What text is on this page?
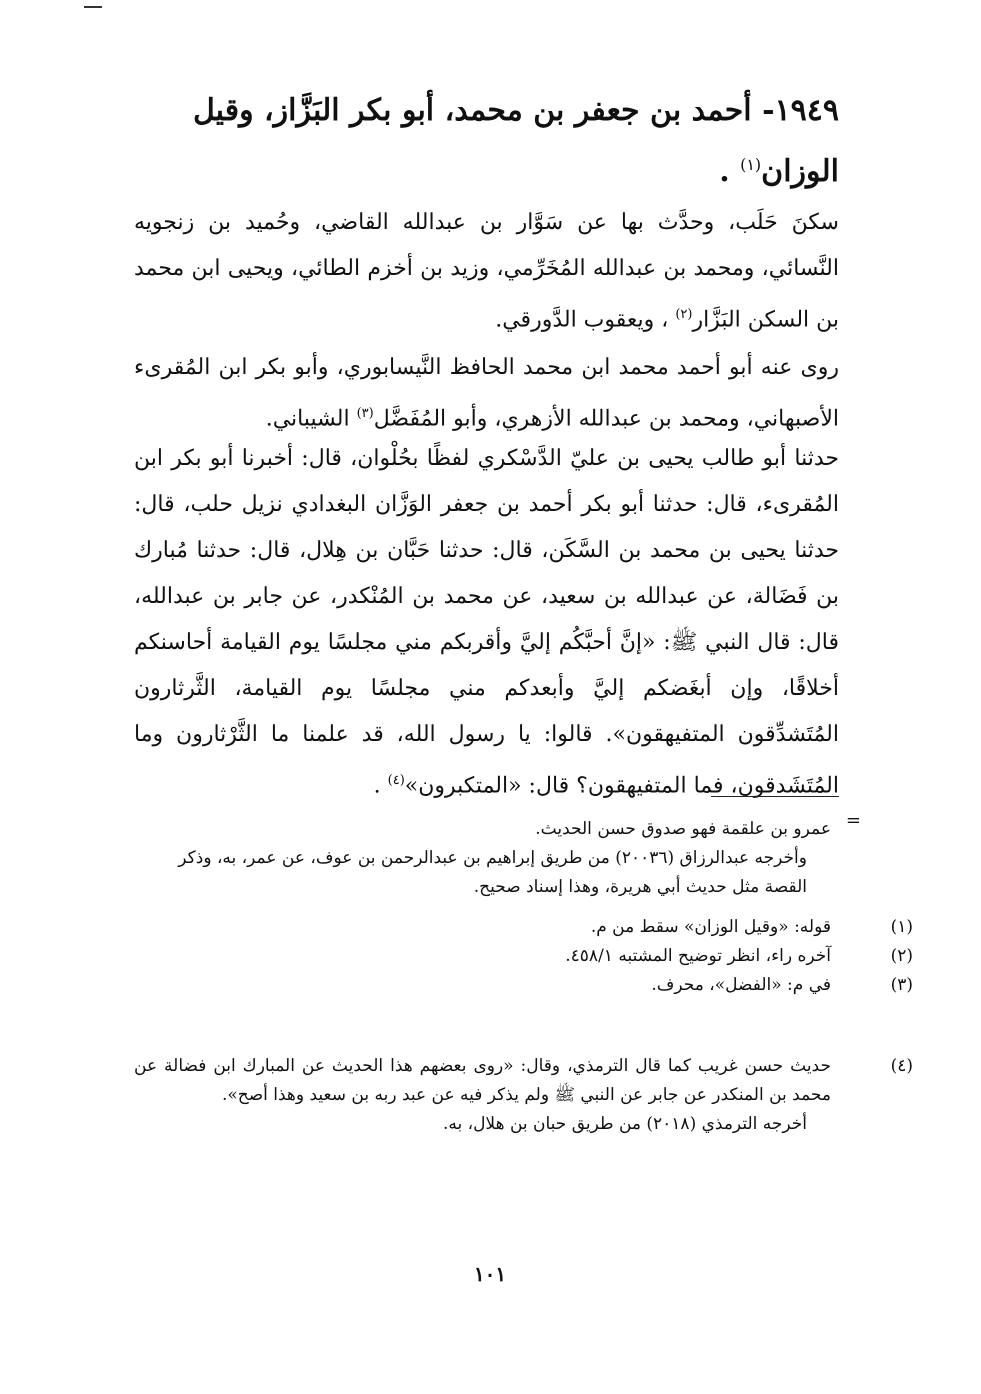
١٩٤٩- أحمد بن جعفر بن محمد، أبو بكر البَزَّاز، وقيل
الوزان$^{(١)}$ .
سكنَ حَلَب، وحدَّث بها عن سَوَّار بن عبدالله القاضي، وحُميد بن زنجويه النَّسائي، ومحمد بن عبدالله المُخَرِّمي، وزيد بن أخزم الطائي، ويحيى ابن محمد بن السكن البَزَّار$^{(٢)}$ ، ويعقوب الدَّورقي.
روى عنه أبو أحمد محمد ابن محمد الحافظ النَّيسابوري، وأبو بكر ابن المُقرىء الأصبهاني، ومحمد بن عبدالله الأزهري، وأبو المُفَضَّل$^{(٣)}$ الشيباني.
حدثنا أبو طالب يحيى بن عليّ الدَّسْكري لفظًا بحُلْوان، قال: أخبرنا أبو بكر ابن المُقرىء، قال: حدثنا أبو بكر أحمد بن جعفر الوَزَّان البغدادي نزيل حلب، قال: حدثنا يحيى بن محمد بن السَّكَن، قال: حدثنا حَبَّان بن هِلال، قال: حدثنا مُبارك بن فَضَالة، عن عبدالله بن سعيد، عن محمد بن المُنْكدر، عن جابر بن عبدالله، قال: قال النبي ﷺ: «إنَّ أحبَّكُم إليَّ وأقربكم مني مجلسًا يوم القيامة أحاسنكم أخلاقًا، وإن أبغَضكم إليَّ وأبعدكم مني مجلسًا يوم القيامة، الثَّرثارون المُتَشدِّقون المتفيهقون». قالوا: يا رسول الله، قد علمنا ما الثَّرْثارون وما المُتَشَدقون، فما المتفيهقون؟ قال: «المتكبرون»$^{(٤)}$ .
=
عمرو بن علقمة فهو صدوق حسن الحديث.
وأخرجه عبدالرزاق (٢٠٠٣٦) من طريق إبراهيم بن عبدالرحمن بن عوف، عن عمر، به، وذكر القصة مثل حديث أبي هريرة، وهذا إسناد صحيح.
(١)
قوله: «وقيل الوزان» سقط من م.
(٢)
آخره راء، انظر توضيح المشتبه ٤٥٨/١.
(٣)
في م: «الفضل»، محرف.
(٤)
حديث حسن غريب كما قال الترمذي، وقال: «روى بعضهم هذا الحديث عن المبارك ابن فضالة عن محمد بن المنكدر عن جابر عن النبي ﷺ ولم يذكر فيه عن عبد ربه بن سعيد وهذا أصح».
أخرجه الترمذي (٢٠١٨) من طريق حبان بن هلال، به.
١٠١
